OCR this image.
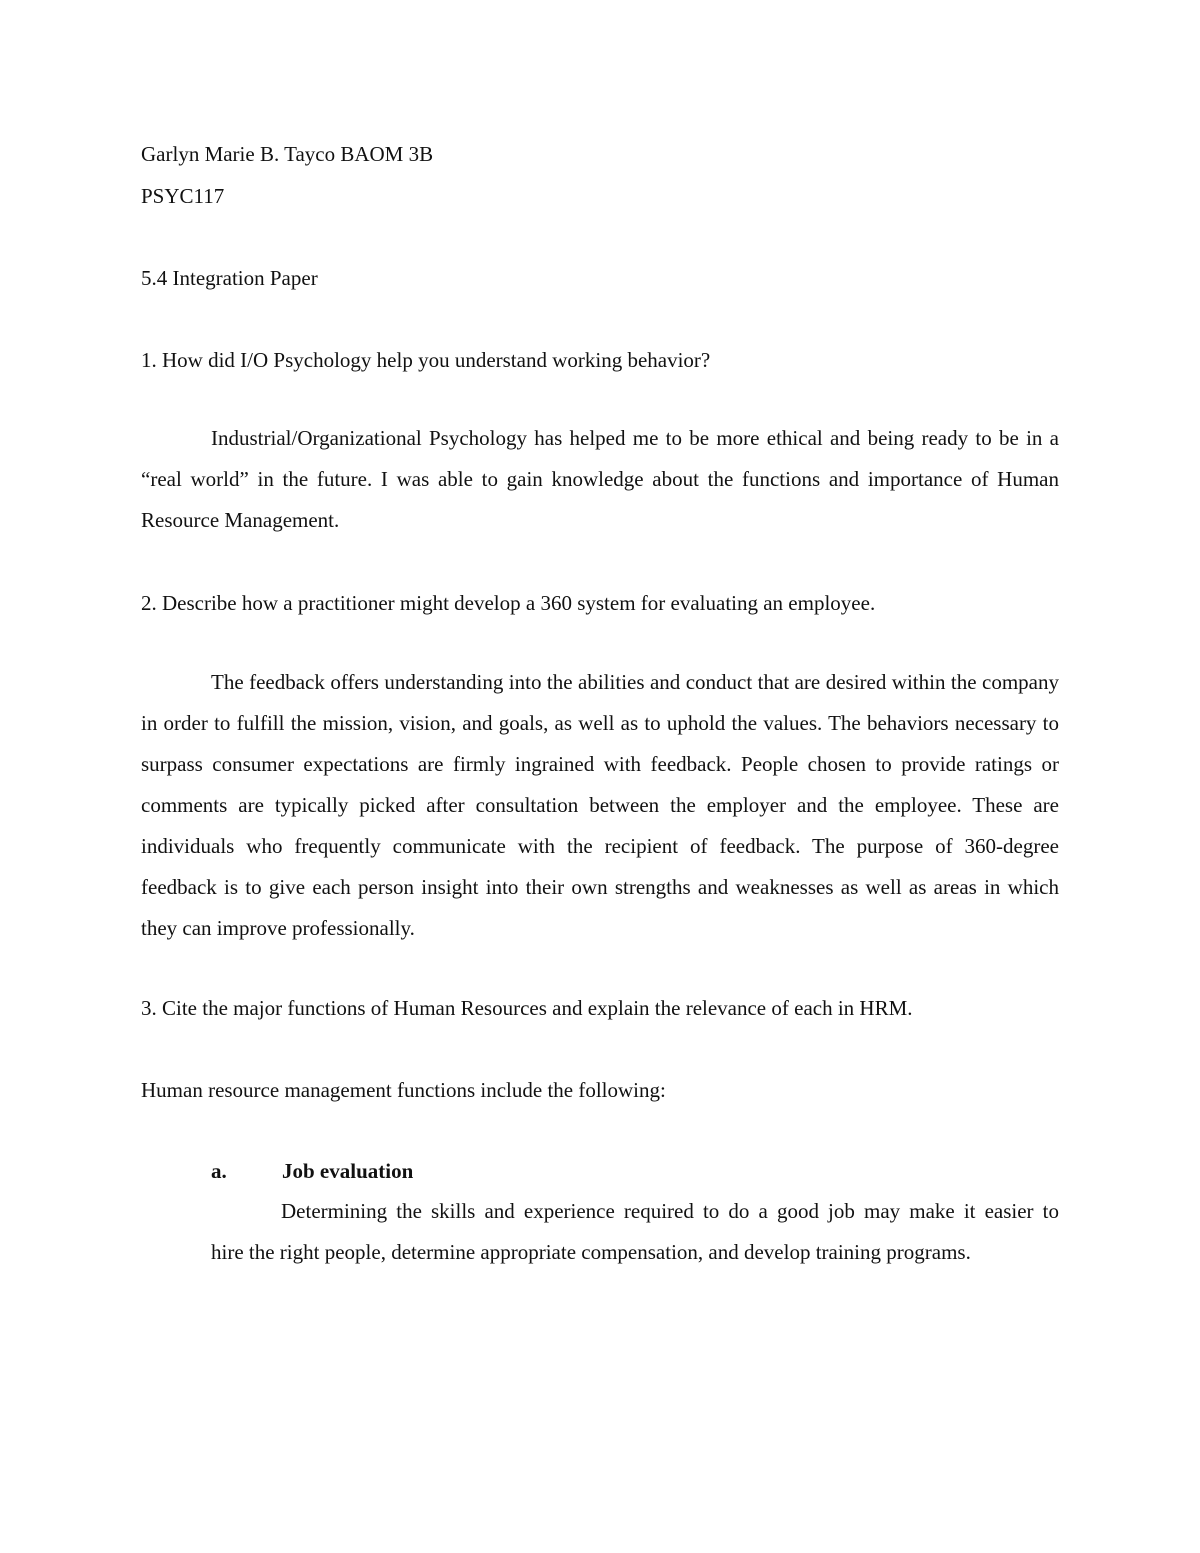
Garlyn Marie B. Tayco BAOM 3B
PSYC117
5.4 Integration Paper
1. How did I/O Psychology help you understand working behavior?
Industrial/Organizational Psychology has helped me to be more ethical and being ready to be in a “real world” in the future. I was able to gain knowledge about the functions and importance of Human Resource Management.
2. Describe how a practitioner might develop a 360 system for evaluating an employee.
The feedback offers understanding into the abilities and conduct that are desired within the company in order to fulfill the mission, vision, and goals, as well as to uphold the values. The behaviors necessary to surpass consumer expectations are firmly ingrained with feedback. People chosen to provide ratings or comments are typically picked after consultation between the employer and the employee. These are individuals who frequently communicate with the recipient of feedback. The purpose of 360-degree feedback is to give each person insight into their own strengths and weaknesses as well as areas in which they can improve professionally.
3. Cite the major functions of Human Resources and explain the relevance of each in HRM.
Human resource management functions include the following:
a.	Job evaluation
Determining the skills and experience required to do a good job may make it easier to        hire the right people, determine appropriate compensation, and develop training programs.
